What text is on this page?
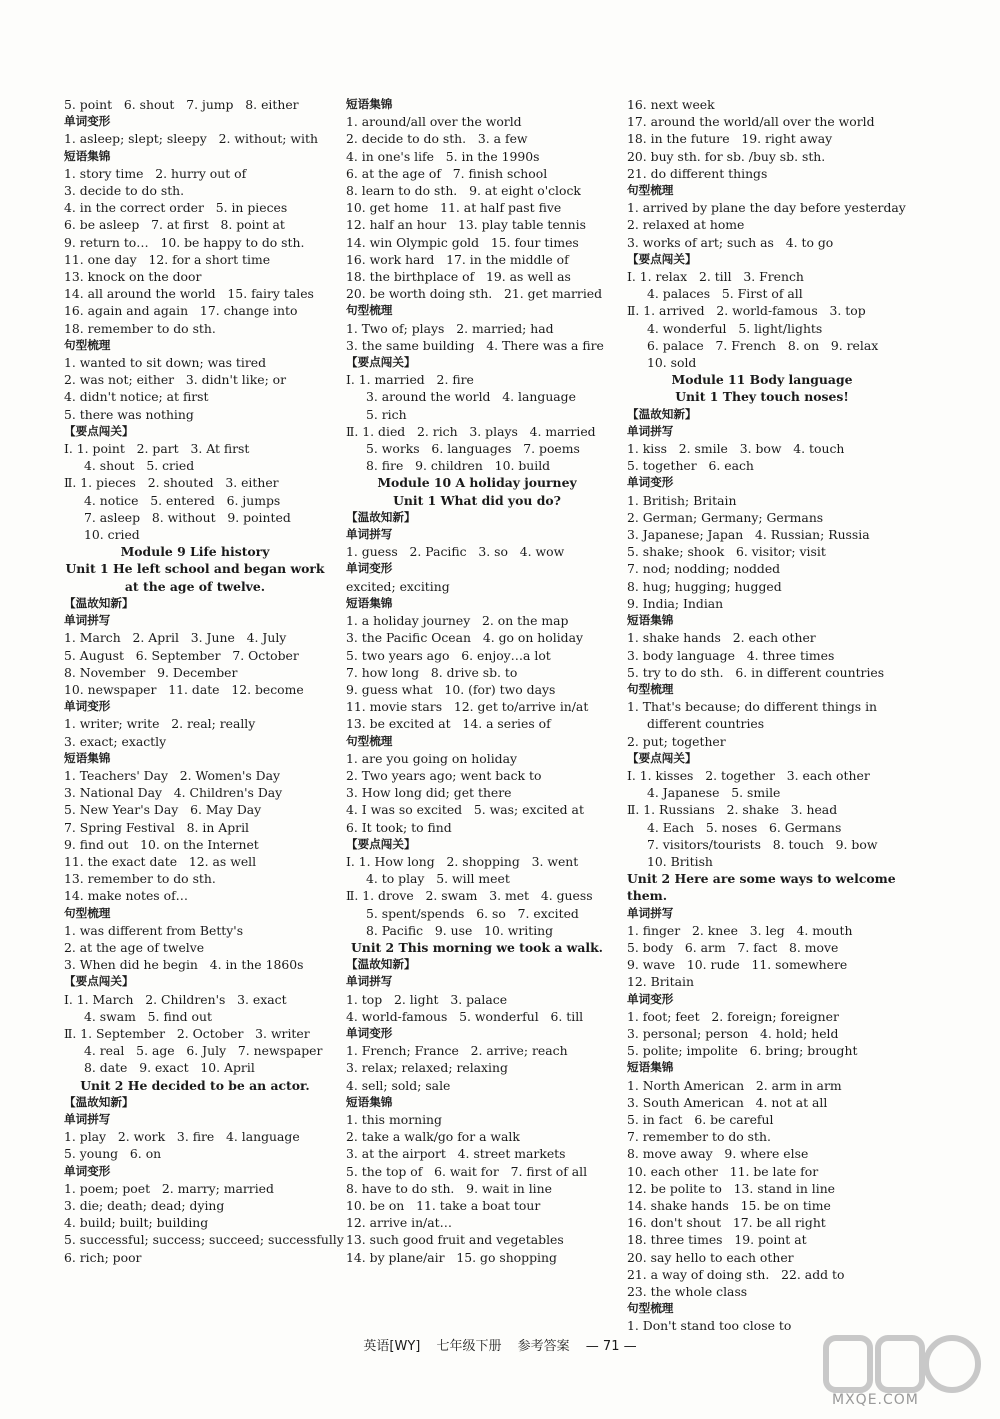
5. point   6. shout   7. jump   8. either
单词变形
1. asleep; slept; sleepy   2. without; with
短语集锦
1. story time   2. hurry out of
3. decide to do sth.
4. in the correct order   5. in pieces
6. be asleep   7. at first   8. point at
9. return to…   10. be happy to do sth.
11. one day   12. for a short time
13. knock on the door
14. all around the world   15. fairy tales
16. again and again   17. change into
18. remember to do sth.
句型梳理
1. wanted to sit down; was tired
2. was not; either   3. didn't like; or
4. didn't notice; at first
5. there was nothing
【要点闯关】
Ⅰ. 1. point   2. part   3. At first
4. shout   5. cried
Ⅱ. 1. pieces   2. shouted   3. either
4. notice   5. entered   6. jumps
7. asleep   8. without   9. pointed
10. cried
Module 9 Life history
Unit 1 He left school and began work at the age of twelve.
【温故知新】
单词拼写
1. March   2. April   3. June   4. July
5. August   6. September   7. October
8. November   9. December
10. newspaper   11. date   12. become
单词变形
1. writer; write   2. real; really
3. exact; exactly
短语集锦
1. Teachers' Day   2. Women's Day
3. National Day   4. Children's Day
5. New Year's Day   6. May Day
7. Spring Festival   8. in April
9. find out   10. on the Internet
11. the exact date   12. as well
13. remember to do sth.
14. make notes of…
句型梳理
1. was different from Betty's
2. at the age of twelve
3. When did he begin   4. in the 1860s
【要点闯关】
Ⅰ. 1. March   2. Children's   3. exact
4. swam   5. find out
Ⅱ. 1. September   2. October   3. writer
4. real   5. age   6. July   7. newspaper
8. date   9. exact   10. April
Unit 2 He decided to be an actor.
【温故知新】
单词拼写
1. play   2. work   3. fire   4. language
5. young   6. on
单词变形
1. poem; poet   2. marry; married
3. die; death; dead; dying
4. build; built; building
5. successful; success; succeed; successfully
6. rich; poor
短语集锦
1. around/all over the world
2. decide to do sth.   3. a few
4. in one's life   5. in the 1990s
6. at the age of   7. finish school
8. learn to do sth.   9. at eight o'clock
10. get home   11. at half past five
12. half an hour   13. play table tennis
14. win Olympic gold   15. four times
16. work hard   17. in the middle of
18. the birthplace of   19. as well as
20. be worth doing sth.   21. get married
句型梳理
1. Two of; plays   2. married; had
3. the same building   4. There was a fire
【要点闯关】
Ⅰ. 1. married   2. fire
3. around the world   4. language
5. rich
Ⅱ. 1. died   2. rich   3. plays   4. married
5. works   6. languages   7. poems
8. fire   9. children   10. build
Module 10 A holiday journey
Unit 1 What did you do?
【温故知新】
单词拼写
1. guess   2. Pacific   3. so   4. wow
单词变形
excited; exciting
短语集锦
1. a holiday journey   2. on the map
3. the Pacific Ocean   4. go on holiday
5. two years ago   6. enjoy…a lot
7. how long   8. drive sb. to
9. guess what   10. (for) two days
11. movie stars   12. get to/arrive in/at
13. be excited at   14. a series of
句型梳理
1. are you going on holiday
2. Two years ago; went back to
3. How long did; get there
4. I was so excited   5. was; excited at
6. It took; to find
【要点闯关】
Ⅰ. 1. How long   2. shopping   3. went
4. to play   5. will meet
Ⅱ. 1. drove   2. swam   3. met   4. guess
5. spent/spends   6. so   7. excited
8. Pacific   9. use   10. writing
Unit 2 This morning we took a walk.
【温故知新】
单词拼写
1. top   2. light   3. palace
4. world-famous   5. wonderful   6. till
单词变形
1. French; France   2. arrive; reach
3. relax; relaxed; relaxing
4. sell; sold; sale
短语集锦
1. this morning
2. take a walk/go for a walk
3. at the airport   4. street markets
5. the top of   6. wait for   7. first of all
8. have to do sth.   9. wait in line
10. be on   11. take a boat tour
12. arrive in/at…
13. such good fruit and vegetables
14. by plane/air   15. go shopping
16. next week
17. around the world/all over the world
18. in the future   19. right away
20. buy sth. for sb. /buy sb. sth.
21. do different things
句型梳理
1. arrived by plane the day before yesterday
2. relaxed at home
3. works of art; such as   4. to go
【要点闯关】
Ⅰ. 1. relax   2. till   3. French
4. palaces   5. First of all
Ⅱ. 1. arrived   2. world-famous   3. top
4. wonderful   5. light/lights
6. palace   7. French   8. on   9. relax
10. sold
Module 11 Body language
Unit 1 They touch noses!
【温故知新】
单词拼写
1. kiss   2. smile   3. bow   4. touch
5. together   6. each
单词变形
1. British; Britain
2. German; Germany; Germans
3. Japanese; Japan   4. Russian; Russia
5. shake; shook   6. visitor; visit
7. nod; nodding; nodded
8. hug; hugging; hugged
9. India; Indian
短语集锦
1. shake hands   2. each other
3. body language   4. three times
5. try to do sth.   6. in different countries
句型梳理
1. That's because; do different things in
different countries
2. put; together
【要点闯关】
Ⅰ. 1. kisses   2. together   3. each other
4. Japanese   5. smile
Ⅱ. 1. Russians   2. shake   3. head
4. Each   5. noses   6. Germans
7. visitors/tourists   8. touch   9. bow
10. British
Unit 2 Here are some ways to welcome them.
单词拼写
1. finger   2. knee   3. leg   4. mouth
5. body   6. arm   7. fact   8. move
9. wave   10. rude   11. somewhere
12. Britain
单词变形
1. foot; feet   2. foreign; foreigner
3. personal; person   4. hold; held
5. polite; impolite   6. bring; brought
短语集锦
1. North American   2. arm in arm
3. South American   4. not at all
5. in fact   6. be careful
7. remember to do sth.
8. move away   9. where else
10. each other   11. be late for
12. be polite to   13. stand in line
14. shake hands   15. be on time
16. don't shout   17. be all right
18. three times   19. point at
20. say hello to each other
21. a way of doing sth.   22. add to
23. the whole class
句型梳理
1. Don't stand too close to
英语[WY] 七年级下册 参考答案 — 71 —
MXQE.COM
